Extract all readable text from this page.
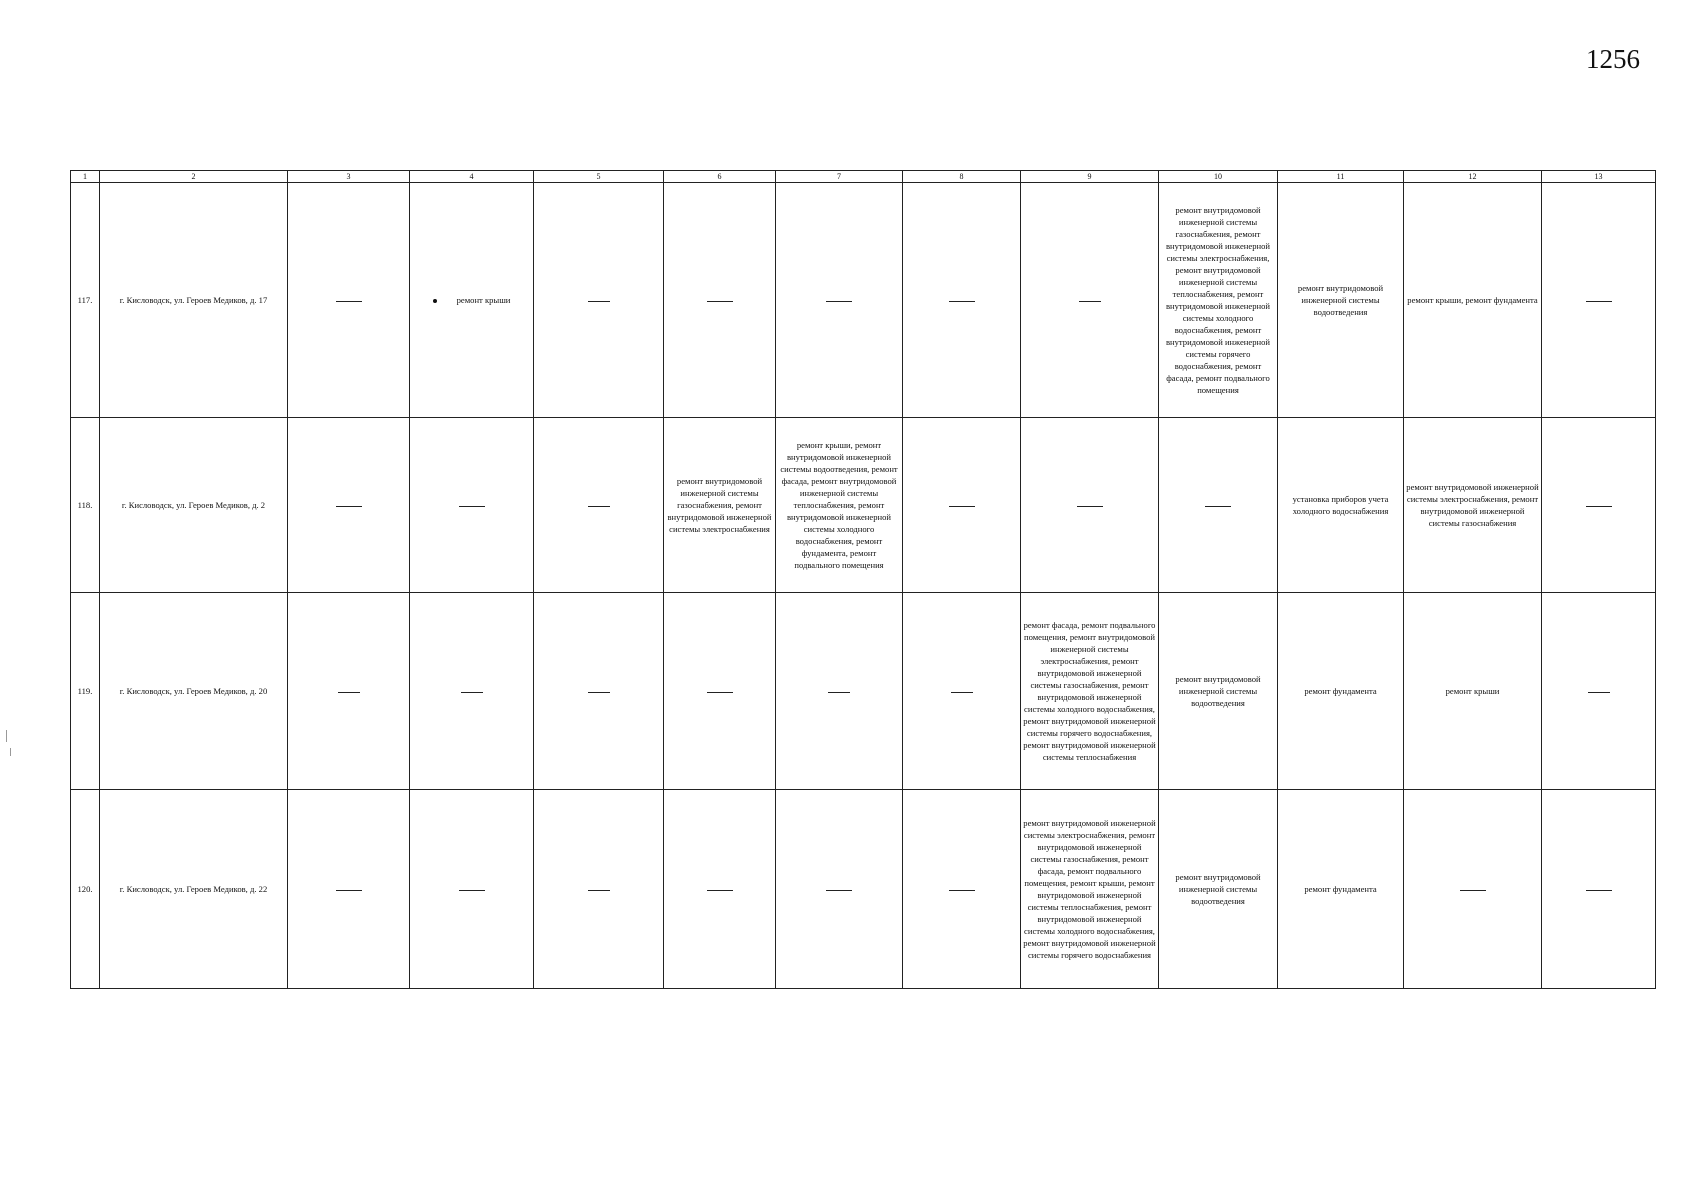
1256
1	2	3	4	5	6	7	8	9	10	11	12	13
117.	г. Кисловодск, ул. Героев Медиков, д. 17		ремонт крыши						ремонт внутридомовой инженерной системы газоснабжения, ремонт внутридомовой инженерной системы электроснабжения, ремонт внутридомовой инженерной системы теплоснабжения, ремонт внутридомовой инженерной системы холодного водоснабжения, ремонт внутридомовой инженерной системы горячего водоснабжения, ремонт фасада, ремонт подвального помещения	ремонт внутридомовой инженерной системы водоотведения	ремонт крыши, ремонт фундамента	
118.	г. Кисловодск, ул. Героев Медиков, д. 2				ремонт внутридомовой инженерной системы газоснабжения, ремонт внутридомовой инженерной системы электроснабжения	ремонт крыши, ремонт внутридомовой инженерной системы водоотведения, ремонт фасада, ремонт внутридомовой инженерной системы теплоснабжения, ремонт внутридомовой инженерной системы холодного водоснабжения, ремонт фундамента, ремонт подвального помещения				установка приборов учета холодного водоснабжения	ремонт внутридомовой инженерной системы электроснабжения, ремонт внутридомовой инженерной системы газоснабжения	
119.	г. Кисловодск, ул. Героев Медиков, д. 20							ремонт фасада, ремонт подвального помещения, ремонт внутридомовой инженерной системы электроснабжения, ремонт внутридомовой инженерной системы газоснабжения, ремонт внутридомовой инженерной системы холодного водоснабжения, ремонт внутридомовой инженерной системы горячего водоснабжения, ремонт внутридомовой инженерной системы теплоснабжения	ремонт внутридомовой инженерной системы водоотведения	ремонт фундамента	ремонт крыши	
120.	г. Кисловодск, ул. Героев Медиков, д. 22							ремонт внутридомовой инженерной системы электроснабжения, ремонт внутридомовой инженерной системы газоснабжения, ремонт фасада, ремонт подвального помещения, ремонт крыши, ремонт внутридомовой инженерной системы теплоснабжения, ремонт внутридомовой инженерной системы холодного водоснабжения, ремонт внутридомовой инженерной системы горячего водоснабжения	ремонт внутридомовой инженерной системы водоотведения	ремонт фундамента		
